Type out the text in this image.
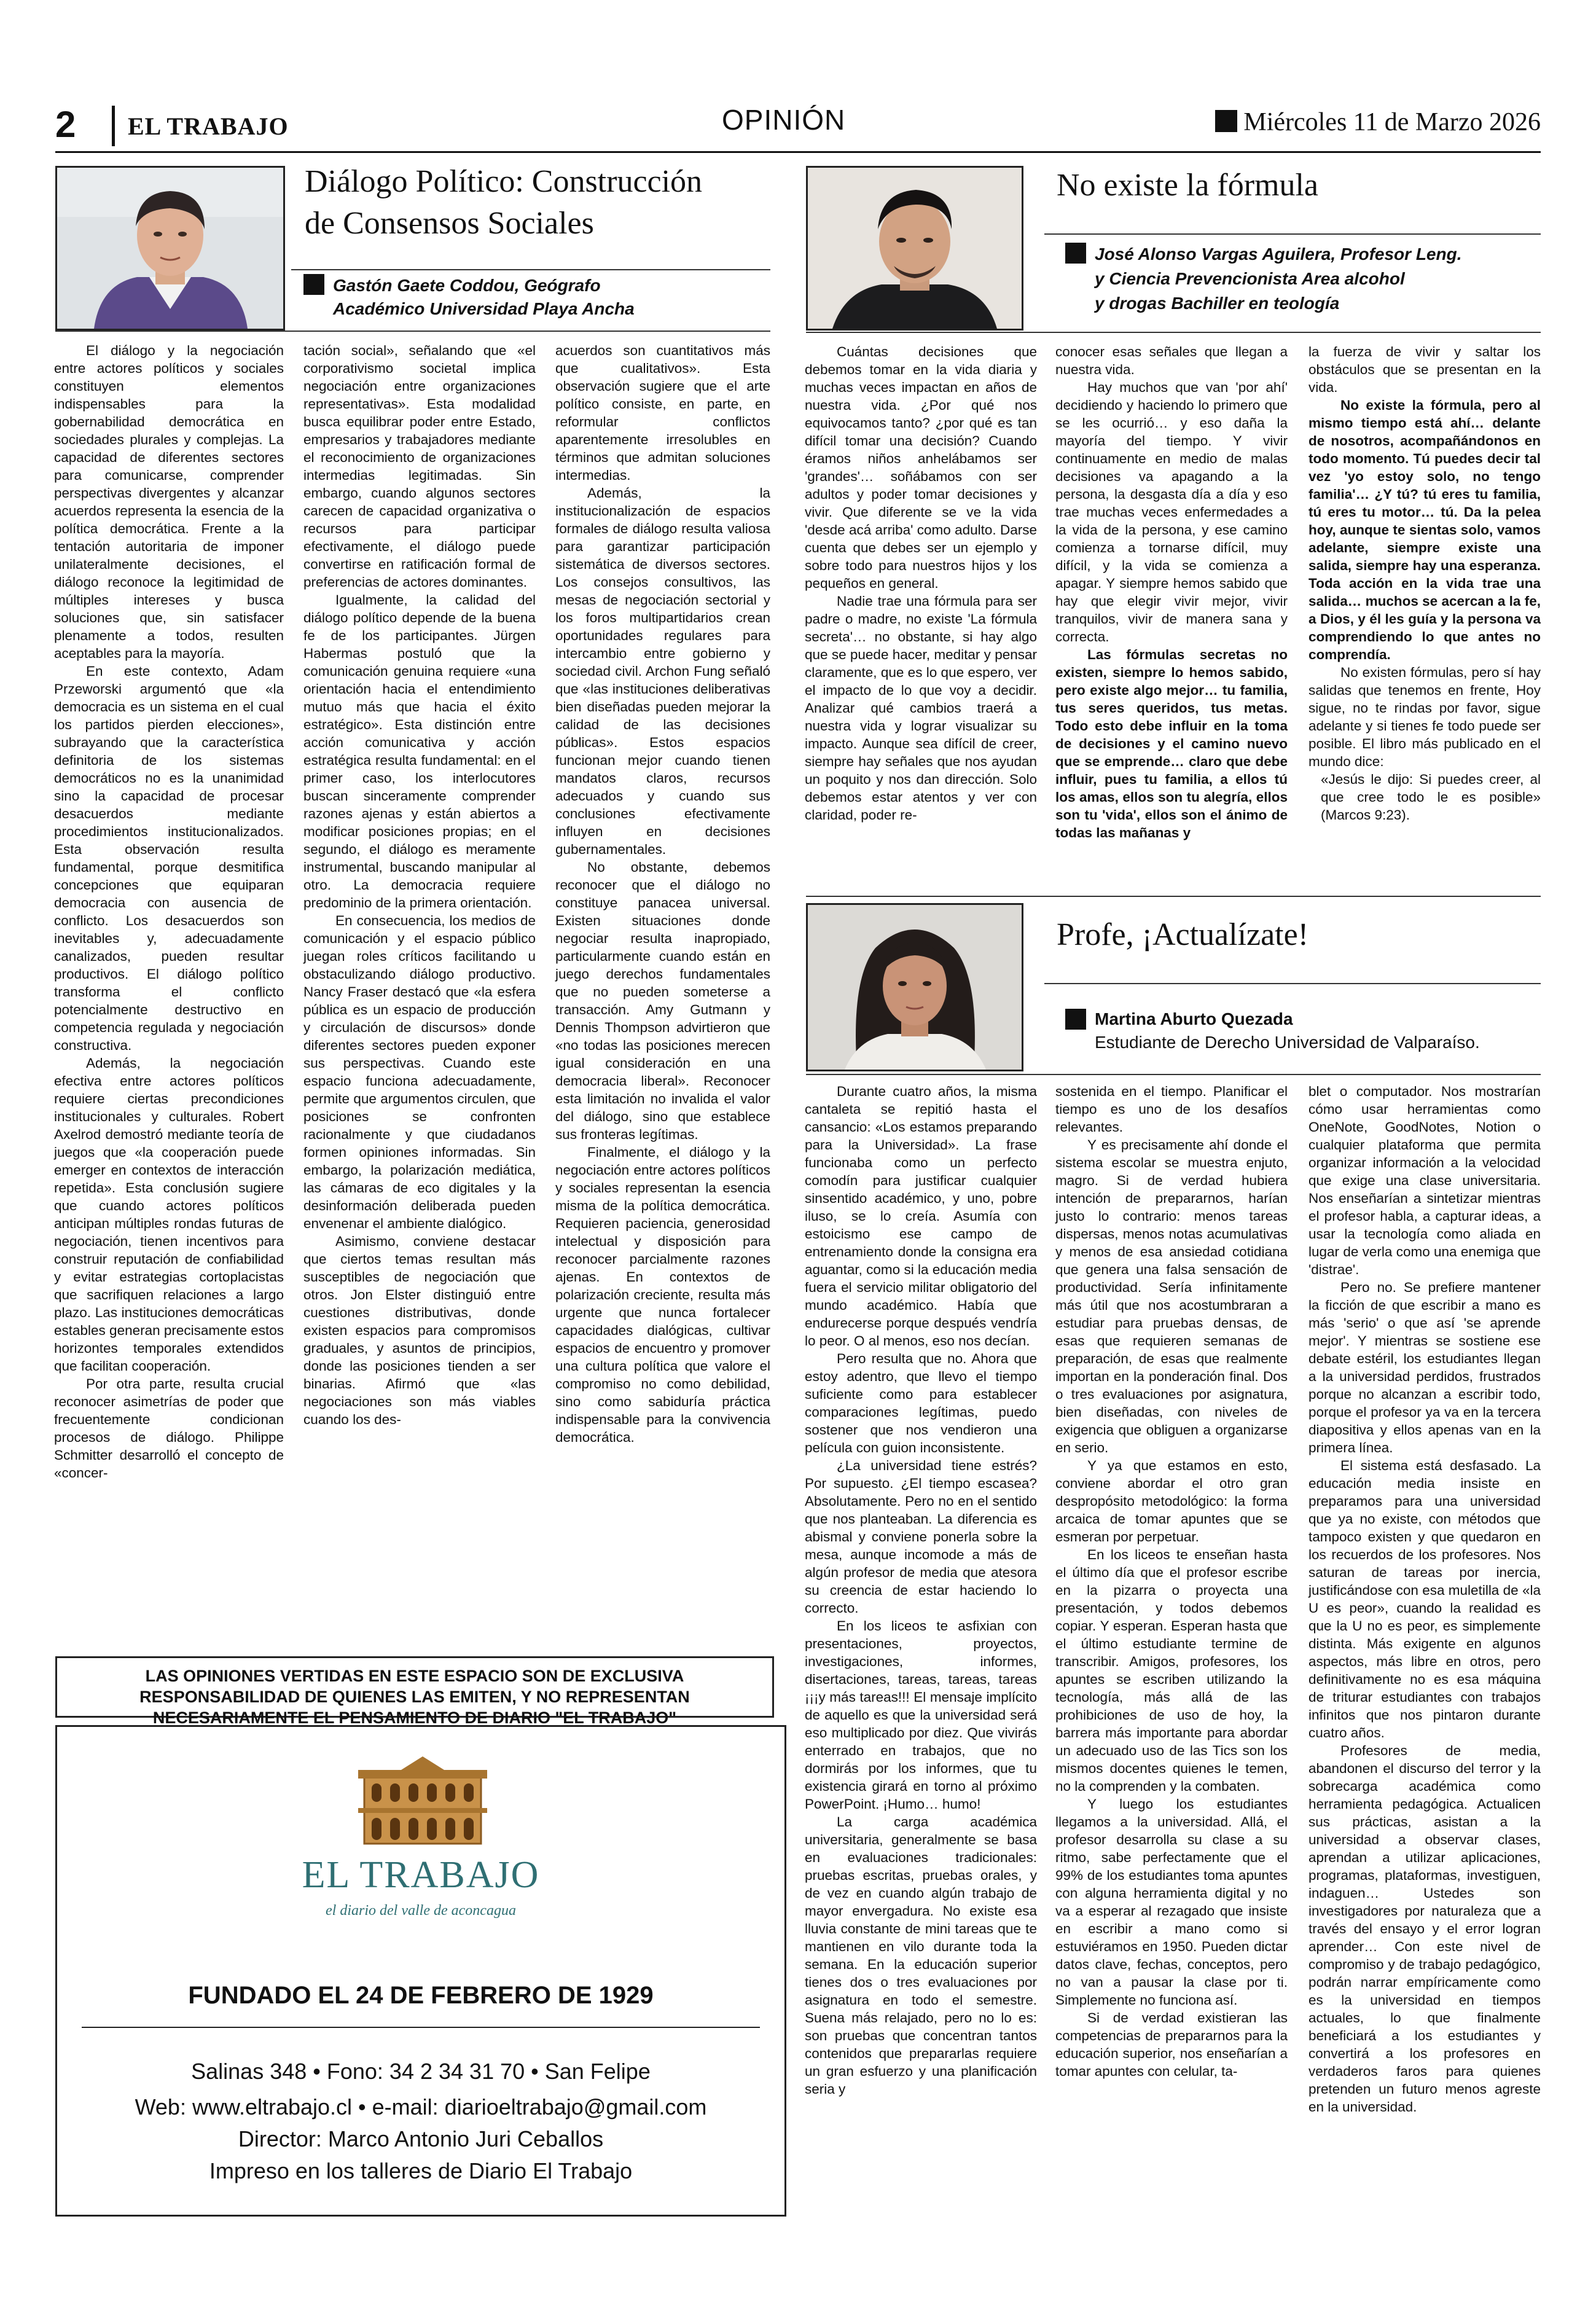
2 EL TRABAJO	OPINIÓN	Miércoles 11 de Marzo 2026
Diálogo Político: Construcción
de Consensos Sociales
Gastón Gaete Coddou, Geógrafo
Académico Universidad Playa Ancha

El diálogo y la negociación entre actores políticos y sociales constituyen elementos indispensables para la gobernabilidad democrática en sociedades plurales y complejas. La capacidad de diferentes sectores para comunicarse, comprender perspectivas divergentes y alcanzar acuerdos representa la esencia de la política democrática. Frente a la tentación autoritaria de imponer unilateralmente decisiones, el diálogo reconoce la legitimidad de múltiples intereses y busca soluciones que, sin satisfacer plenamente a todos, resulten aceptables para la mayoría.

En este contexto, Adam Przeworski argumentó que «la democracia es un sistema en el cual los partidos pierden elecciones», subrayando que la característica definitoria de los sistemas democráticos no es la unanimidad sino la capacidad de procesar desacuerdos mediante procedimientos institucionalizados. Esta observación resulta fundamental, porque desmitifica concepciones que equiparan democracia con ausencia de conflicto. Los desacuerdos son inevitables y, adecuadamente canalizados, pueden resultar productivos. El diálogo político transforma el conflicto potencialmente destructivo en competencia regulada y negociación constructiva.

Además, la negociación efectiva entre actores políticos requiere ciertas precondiciones institucionales y culturales. Robert Axelrod demostró mediante teoría de juegos que «la cooperación puede emerger en contextos de interacción repetida». Esta conclusión sugiere que cuando actores políticos anticipan múltiples rondas futuras de negociación, tienen incentivos para construir reputación de confiabilidad y evitar estrategias cortoplacistas que sacrifiquen relaciones a largo plazo. Las instituciones democráticas estables generan precisamente estos horizontes temporales extendidos que facilitan cooperación.

Por otra parte, resulta crucial reconocer asimetrías de poder que frecuentemente condicionan procesos de diálogo. Philippe Schmitter desarrolló el concepto de «concer-

tación social», señalando que «el corporativismo societal implica negociación entre organizaciones representativas». Esta modalidad busca equilibrar poder entre Estado, empresarios y trabajadores mediante el reconocimiento de organizaciones intermedias legitimadas. Sin embargo, cuando algunos sectores carecen de capacidad organizativa o recursos para participar efectivamente, el diálogo puede convertirse en ratificación formal de preferencias de actores dominantes.

Igualmente, la calidad del diálogo político depende de la buena fe de los participantes. Jürgen Habermas postuló que la comunicación genuina requiere «una orientación hacia el entendimiento mutuo más que hacia el éxito estratégico». Esta distinción entre acción comunicativa y acción estratégica resulta fundamental: en el primer caso, los interlocutores buscan sinceramente comprender razones ajenas y están abiertos a modificar posiciones propias; en el segundo, el diálogo es meramente instrumental, buscando manipular al otro. La democracia requiere predominio de la primera orientación.

En consecuencia, los medios de comunicación y el espacio público juegan roles críticos facilitando u obstaculizando diálogo productivo. Nancy Fraser destacó que «la esfera pública es un espacio de producción y circulación de discursos» donde diferentes sectores pueden exponer sus perspectivas. Cuando este espacio funciona adecuadamente, permite que argumentos circulen, que posiciones se confronten racionalmente y que ciudadanos formen opiniones informadas. Sin embargo, la polarización mediática, las cámaras de eco digitales y la desinformación deliberada pueden envenenar el ambiente dialógico.

Asimismo, conviene destacar que ciertos temas resultan más susceptibles de negociación que otros. Jon Elster distinguió entre cuestiones distributivas, donde existen espacios para compromisos graduales, y asuntos de principios, donde las posiciones tienden a ser binarias. Afirmó que «las negociaciones son más viables cuando los des-

acuerdos son cuantitativos más que cualitativos». Esta observación sugiere que el arte político consiste, en parte, en reformular conflictos aparentemente irresolubles en términos que admitan soluciones intermedias.

Además, la institucionalización de espacios formales de diálogo resulta valiosa para garantizar participación sistemática de diversos sectores. Los consejos consultivos, las mesas de negociación sectorial y los foros multipartidarios crean oportunidades regulares para intercambio entre gobierno y sociedad civil. Archon Fung señaló que «las instituciones deliberativas bien diseñadas pueden mejorar la calidad de las decisiones públicas». Estos espacios funcionan mejor cuando tienen mandatos claros, recursos adecuados y cuando sus conclusiones efectivamente influyen en decisiones gubernamentales.

No obstante, debemos reconocer que el diálogo no constituye panacea universal. Existen situaciones donde negociar resulta inapropiado, particularmente cuando están en juego derechos fundamentales que no pueden someterse a transacción. Amy Gutmann y Dennis Thompson advirtieron que «no todas las posiciones merecen igual consideración en una democracia liberal». Reconocer esta limitación no invalida el valor del diálogo, sino que establece sus fronteras legítimas.

Finalmente, el diálogo y la negociación entre actores políticos y sociales representan la esencia misma de la política democrática. Requieren paciencia, generosidad intelectual y disposición para reconocer parcialmente razones ajenas. En contextos de polarización creciente, resulta más urgente que nunca fortalecer capacidades dialógicas, cultivar espacios de encuentro y promover una cultura política que valore el compromiso no como debilidad, sino como sabiduría práctica indispensable para la convivencia democrática.

No existe la fórmula
José Alonso Vargas Aguilera, Profesor Leng.
y Ciencia Prevencionista Area alcohol
y drogas Bachiller en teología

Cuántas decisiones que debemos tomar en la vida diaria y muchas veces impactan en años de nuestra vida. ¿Por qué nos equivocamos tanto? ¿por qué es tan difícil tomar una decisión? Cuando éramos niños anhelábamos ser 'grandes'… soñábamos con ser adultos y poder tomar decisiones y vivir. Que diferente se ve la vida 'desde acá arriba' como adulto. Darse cuenta que debes ser un ejemplo y sobre todo para nuestros hijos y los pequeños en general.

Nadie trae una fórmula para ser padre o madre, no existe 'La fórmula secreta'… no obstante, si hay algo que se puede hacer, meditar y pensar claramente, que es lo que espero, ver el impacto de lo que voy a decidir. Analizar qué cambios traerá a nuestra vida y lograr visualizar su impacto. Aunque sea difícil de creer, siempre hay señales que nos ayudan un poquito y nos dan dirección. Solo debemos estar atentos y ver con claridad, poder re-

conocer esas señales que llegan a nuestra vida.

Hay muchos que van 'por ahí' decidiendo y haciendo lo primero que se les ocurrió… y eso daña la mayoría del tiempo. Y vivir continuamente en medio de malas decisiones va apagando a la persona, la desgasta día a día y eso trae muchas veces enfermedades a la vida de la persona, y ese camino comienza a tornarse difícil, muy difícil, y la vida se comienza a apagar. Y siempre hemos sabido que hay que elegir vivir mejor, vivir tranquilos, vivir de manera sana y correcta.

Las fórmulas secretas no existen, siempre lo hemos sabido, pero existe algo mejor… tu familia, tus seres queridos, tus metas. Todo esto debe influir en la toma de decisiones y el camino nuevo que se emprende… claro que debe influir, pues tu familia, a ellos tú los amas, ellos son tu alegría, ellos son tu 'vida', ellos son el ánimo de todas las mañanas y

la fuerza de vivir y saltar los obstáculos que se presentan en la vida.

No existe la fórmula, pero al mismo tiempo está ahí… delante de nosotros, acompañándonos en todo momento. Tú puedes decir tal vez 'yo estoy solo, no tengo familia'… ¿Y tú? tú eres tu familia, tú eres tu motor… tú. Da la pelea hoy, aunque te sientas solo, vamos adelante, siempre existe una salida, siempre hay una esperanza. Toda acción en la vida trae una salida… muchos se acercan a la fe, a Dios, y él les guía y la persona va comprendiendo lo que antes no comprendía.

No existen fórmulas, pero sí hay salidas que tenemos en frente, Hoy sigue, no te rindas por favor, sigue adelante y si tienes fe todo puede ser posible. El libro más publicado en el mundo dice:

«Jesús le dijo: Si puedes creer, al que cree todo le es posible» (Marcos 9:23).

Profe, ¡Actualízate!
Martina Aburto Quezada
Estudiante de Derecho Universidad de Valparaíso.

Durante cuatro años, la misma cantaleta se repitió hasta el cansancio: «Los estamos preparando para la Universidad». La frase funcionaba como un perfecto comodín para justificar cualquier sinsentido académico, y uno, pobre iluso, se lo creía. Asumía con estoicismo ese campo de entrenamiento donde la consigna era aguantar, como si la educación media fuera el servicio militar obligatorio del mundo académico. Había que endurecerse porque después vendría lo peor. O al menos, eso nos decían.

Pero resulta que no. Ahora que estoy adentro, que llevo el tiempo suficiente como para establecer comparaciones legítimas, puedo sostener que nos vendieron una película con guion inconsistente.

¿La universidad tiene estrés? Por supuesto. ¿El tiempo escasea? Absolutamente. Pero no en el sentido que nos planteaban. La diferencia es abismal y conviene ponerla sobre la mesa, aunque incomode a más de algún profesor de media que atesora su creencia de estar haciendo lo correcto.

En los liceos te asfixian con presentaciones, proyectos, investigaciones, informes, disertaciones, tareas, tareas, tareas ¡¡¡y más tareas!!! El mensaje implícito de aquello es que la universidad será eso multiplicado por diez. Que vivirás enterrado en trabajos, que no dormirás por los informes, que tu existencia girará en torno al próximo PowerPoint. ¡Humo… humo!

La carga académica universitaria, generalmente se basa en evaluaciones tradicionales: pruebas escritas, pruebas orales, y de vez en cuando algún trabajo de mayor envergadura. No existe esa lluvia constante de mini tareas que te mantienen en vilo durante toda la semana. En la educación superior tienes dos o tres evaluaciones por asignatura en todo el semestre. Suena más relajado, pero no lo es: son pruebas que concentran tantos contenidos que prepararlas requiere un gran esfuerzo y una planificación seria y

sostenida en el tiempo. Planificar el tiempo es uno de los desafíos relevantes.

Y es precisamente ahí donde el sistema escolar se muestra enjuto, magro. Si de verdad hubiera intención de prepararnos, harían justo lo contrario: menos tareas dispersas, menos notas acumulativas y menos de esa ansiedad cotidiana que genera una falsa sensación de productividad. Sería infinitamente más útil que nos acostumbraran a estudiar para pruebas densas, de esas que requieren semanas de preparación, de esas que realmente importan en la ponderación final. Dos o tres evaluaciones por asignatura, bien diseñadas, con niveles de exigencia que obliguen a organizarse en serio.

Y ya que estamos en esto, conviene abordar el otro gran despropósito metodológico: la forma arcaica de tomar apuntes que se esmeran por perpetuar.

En los liceos te enseñan hasta el último día que el profesor escribe en la pizarra o proyecta una presentación, y todos debemos copiar. Y esperan. Esperan hasta que el último estudiante termine de transcribir. Amigos, profesores, los apuntes se escriben utilizando la tecnología, más allá de las prohibiciones de uso de hoy, la barrera más importante para abordar un adecuado uso de las Tics son los mismos docentes quienes le temen, no la comprenden y la combaten.

Y luego los estudiantes llegamos a la universidad. Allá, el profesor desarrolla su clase a su ritmo, sabe perfectamente que el 99% de los estudiantes toma apuntes con alguna herramienta digital y no va a esperar al rezagado que insiste en escribir a mano como si estuviéramos en 1950. Pueden dictar datos clave, fechas, conceptos, pero no van a pausar la clase por ti. Simplemente no funciona así.

Si de verdad existieran las competencias de prepararnos para la educación superior, nos enseñarían a tomar apuntes con celular, ta-

blet o computador. Nos mostrarían cómo usar herramientas como OneNote, GoodNotes, Notion o cualquier plataforma que permita organizar información a la velocidad que exige una clase universitaria. Nos enseñarían a sintetizar mientras el profesor habla, a capturar ideas, a usar la tecnología como aliada en lugar de verla como una enemiga que 'distrae'.

Pero no. Se prefiere mantener la ficción de que escribir a mano es más 'serio' o que así 'se aprende mejor'. Y mientras se sostiene ese debate estéril, los estudiantes llegan a la universidad perdidos, frustrados porque no alcanzan a escribir todo, porque el profesor ya va en la tercera diapositiva y ellos apenas van en la primera línea.

El sistema está desfasado. La educación media insiste en preparamos para una universidad que ya no existe, con métodos que tampoco existen y que quedaron en los recuerdos de los profesores. Nos saturan de tareas por inercia, justificándose con esa muletilla de «la U es peor», cuando la realidad es que la U no es peor, es simplemente distinta. Más exigente en algunos aspectos, más libre en otros, pero definitivamente no es esa máquina de triturar estudiantes con trabajos infinitos que nos pintaron durante cuatro años.

Profesores de media, abandonen el discurso del terror y la sobrecarga académica como herramienta pedagógica. Actualicen sus prácticas, asistan a la universidad a observar clases, aprendan a utilizar aplicaciones, programas, plataformas, investiguen, indaguen… Ustedes son investigadores por naturaleza que a través del ensayo y el error logran aprender… Con este nivel de compromiso y de trabajo pedagógico, podrán narrar empíricamente como es la universidad en tiempos actuales, lo que finalmente beneficiará a los estudiantes y convertirá a los profesores en verdaderos faros para quienes pretenden un futuro menos agreste en la universidad.

LAS OPINIONES VERTIDAS EN ESTE ESPACIO SON DE EXCLUSIVA RESPONSABILIDAD DE QUIENES LAS EMITEN, Y NO REPRESENTAN NECESARIAMENTE EL PENSAMIENTO DE DIARIO "EL TRABAJO"
EL TRABAJO
el diario del valle de aconcagua
FUNDADO EL 24 DE FEBRERO DE 1929
Salinas 348 • Fono: 34 2 34 31 70 • San Felipe
Web: www.eltrabajo.cl • e-mail: diarioeltrabajo@gmail.com
Director: Marco Antonio Juri Ceballos
Impreso en los talleres de Diario El Trabajo
